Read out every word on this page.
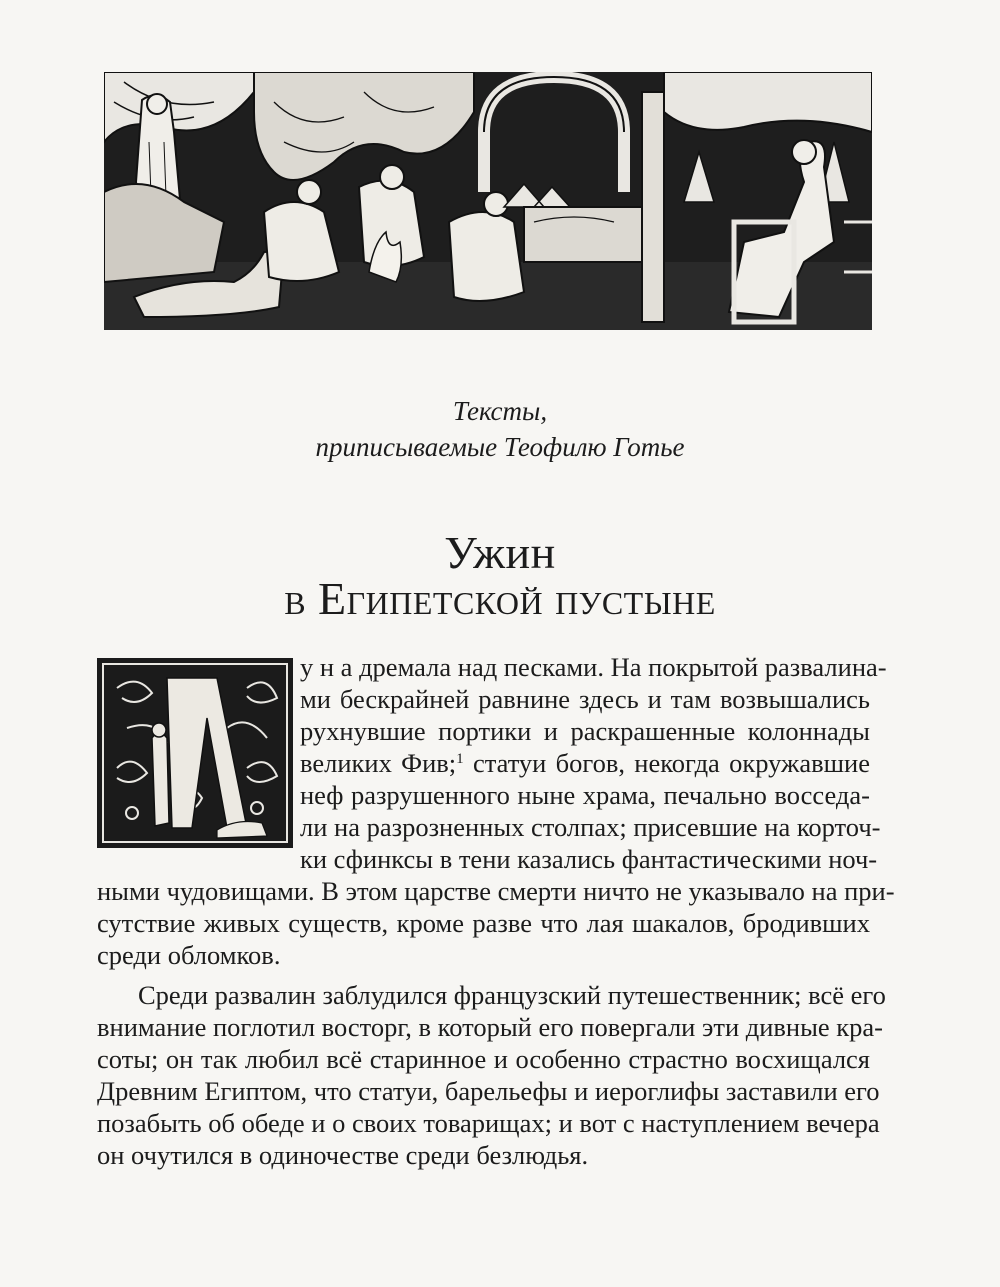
Тексты,
приписываемые Теофилю Готье
Ужин
в Египетской пустыне
у н а дремала над песками. На покрытой развалина-
ми бескрайней равнине здесь и там возвышались
рухнувшие портики и раскрашенные колоннады
великих Фив;$^1$ статуи богов, некогда окружавшие
неф разрушенного ныне храма, печально восседа-
ли на разрозненных столпах; присевшие на корточ-
ки сфинксы в тени казались фантастическими ноч-
ными чудовищами. В этом царстве смерти ничто не указывало на при-
сутствие живых существ, кроме разве что лая шакалов, бродивших
среди обломков.
Среди развалин заблудился французский путешественник; всё его
внимание поглотил восторг, в который его повергали эти дивные кра-
соты; он так любил всё старинное и особенно страстно восхищался
Древним Египтом, что статуи, барельефы и иероглифы заставили его
позабыть об обеде и о своих товарищах; и вот с наступлением вечера
он очутился в одиночестве среди безлюдья.
